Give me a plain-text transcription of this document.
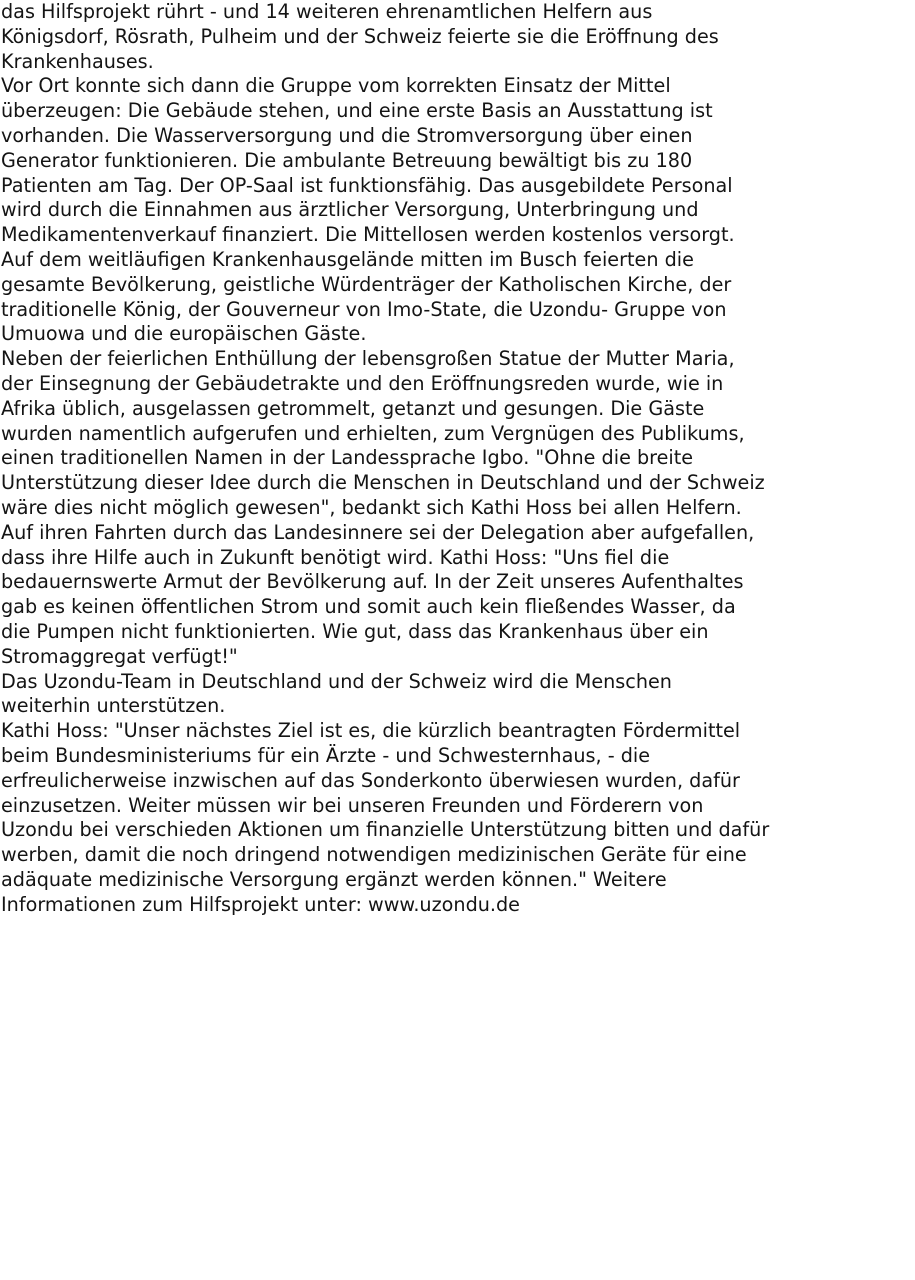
das Hilfsprojekt rührt - und 14 weiteren ehrenamtlichen Helfern aus
Königsdorf, Rösrath, Pulheim und der Schweiz feierte sie die Eröffnung des
Krankenhauses.
Vor Ort konnte sich dann die Gruppe vom korrekten Einsatz der Mittel
überzeugen: Die Gebäude stehen, und eine erste Basis an Ausstattung ist
vorhanden. Die Wasserversorgung und die Stromversorgung über einen
Generator funktionieren. Die ambulante Betreuung bewältigt bis zu 180
Patienten am Tag. Der OP-Saal ist funktionsfähig. Das ausgebildete Personal
wird durch die Einnahmen aus ärztlicher Versorgung, Unterbringung und
Medikamentenverkauf finanziert. Die Mittellosen werden kostenlos versorgt.
Auf dem weitläufigen Krankenhausgelände mitten im Busch feierten die
gesamte Bevölkerung, geistliche Würdenträger der Katholischen Kirche, der
traditionelle König, der Gouverneur von Imo-State, die Uzondu- Gruppe von
Umuowa und die europäischen Gäste.
Neben der feierlichen Enthüllung der lebensgroßen Statue der Mutter Maria,
der Einsegnung der Gebäudetrakte und den Eröffnungsreden wurde, wie in
Afrika üblich, ausgelassen getrommelt, getanzt und gesungen. Die Gäste
wurden namentlich aufgerufen und erhielten, zum Vergnügen des Publikums,
einen traditionellen Namen in der Landessprache Igbo. "Ohne die breite
Unterstützung dieser Idee durch die Menschen in Deutschland und der Schweiz
wäre dies nicht möglich gewesen", bedankt sich Kathi Hoss bei allen Helfern.
Auf ihren Fahrten durch das Landesinnere sei der Delegation aber aufgefallen,
dass ihre Hilfe auch in Zukunft benötigt wird. Kathi Hoss: "Uns fiel die
bedauernswerte Armut der Bevölkerung auf. In der Zeit unseres Aufenthaltes
gab es keinen öffentlichen Strom und somit auch kein fließendes Wasser, da
die Pumpen nicht funktionierten. Wie gut, dass das Krankenhaus über ein
Stromaggregat verfügt!"
Das Uzondu-Team in Deutschland und der Schweiz wird die Menschen
weiterhin unterstützen.
Kathi Hoss: "Unser nächstes Ziel ist es, die kürzlich beantragten Fördermittel
beim Bundesministeriums für ein Ärzte - und Schwesternhaus, - die
erfreulicherweise inzwischen auf das Sonderkonto überwiesen wurden, dafür
einzusetzen. Weiter müssen wir bei unseren Freunden und Förderern von
Uzondu bei verschieden Aktionen um finanzielle Unterstützung bitten und dafür
werben, damit die noch dringend notwendigen medizinischen Geräte für eine
adäquate medizinische Versorgung ergänzt werden können." Weitere
Informationen zum Hilfsprojekt unter: www.uzondu.de
